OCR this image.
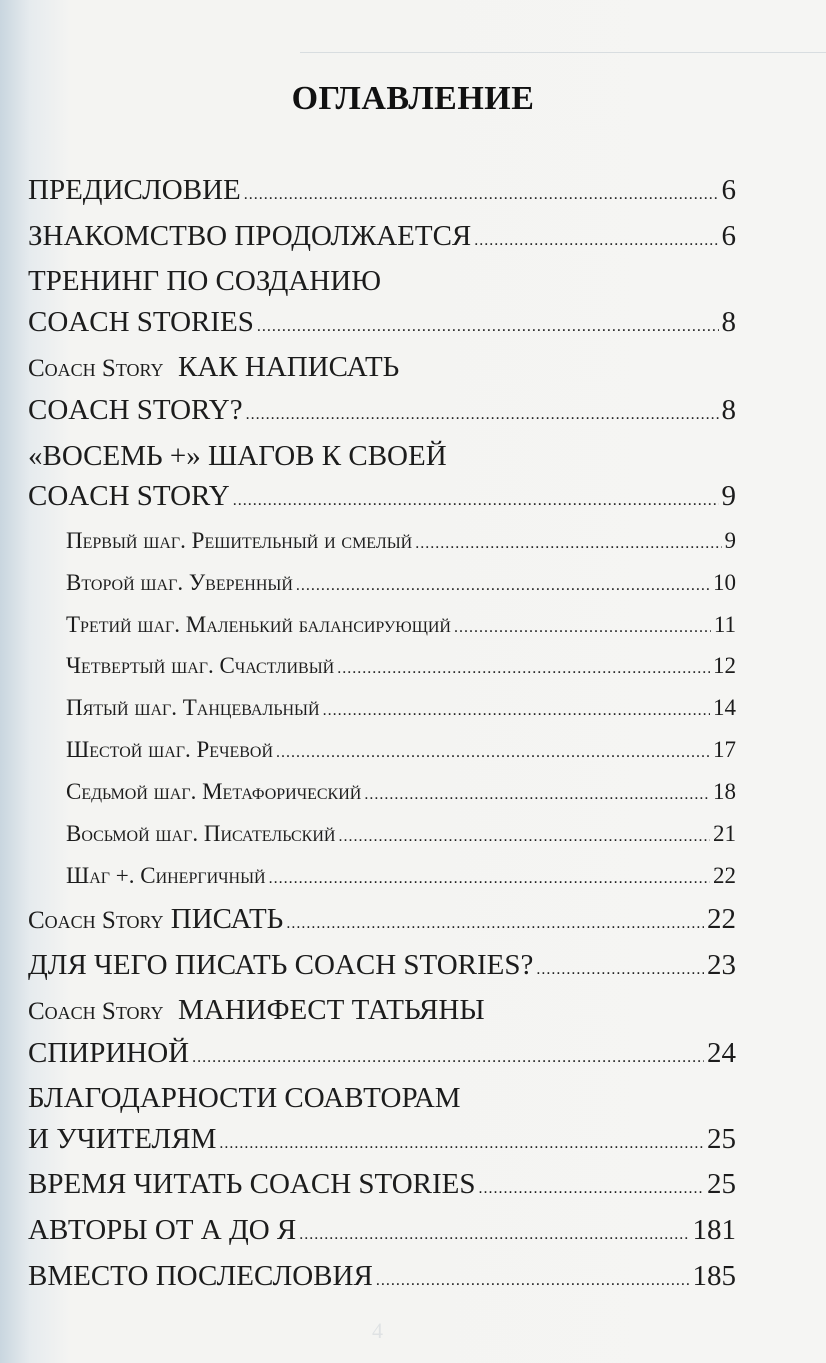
ОГЛАВЛЕНИЕ
ПРЕДИСЛОВИЕ .....	6
ЗНАКОМСТВО ПРОДОЛЖАЕТСЯ .....	6
ТРЕНИНГ ПО СОЗДАНИЮ
COACH STORIES .....	8
Coach Story КАК НАПИСАТЬ
COACH STORY? .....	8
«ВОСЕМЬ +» ШАГОВ К СВОЕЙ
COACH STORY .....	9
Первый шаг. Решительный и смелый .....	9
Второй шаг. Уверенный .....	10
Третий шаг. Маленький балансирующий .....	11
Четвертый шаг. Счастливый .....	12
Пятый шаг. Танцевальный .....	14
Шестой шаг. Речевой .....	17
Седьмой шаг. Метафорический .....	18
Восьмой шаг. Писательский .....	21
Шаг +. Синергичный .....	22
Coach Story ПИСАТЬ .....	22
ДЛЯ ЧЕГО ПИСАТЬ COACH STORIES? .....	23
Coach Story МАНИФЕСТ ТАТЬЯНЫ
СПИРИНОЙ .....	24
БЛАГОДАРНОСТИ СОАВТОРАМ
И УЧИТЕЛЯМ .....	25
ВРЕМЯ ЧИТАТЬ COACH STORIES .....	25
АВТОРЫ ОТ А ДО Я .....	181
ВМЕСТО ПОСЛЕСЛОВИЯ .....	185
4
